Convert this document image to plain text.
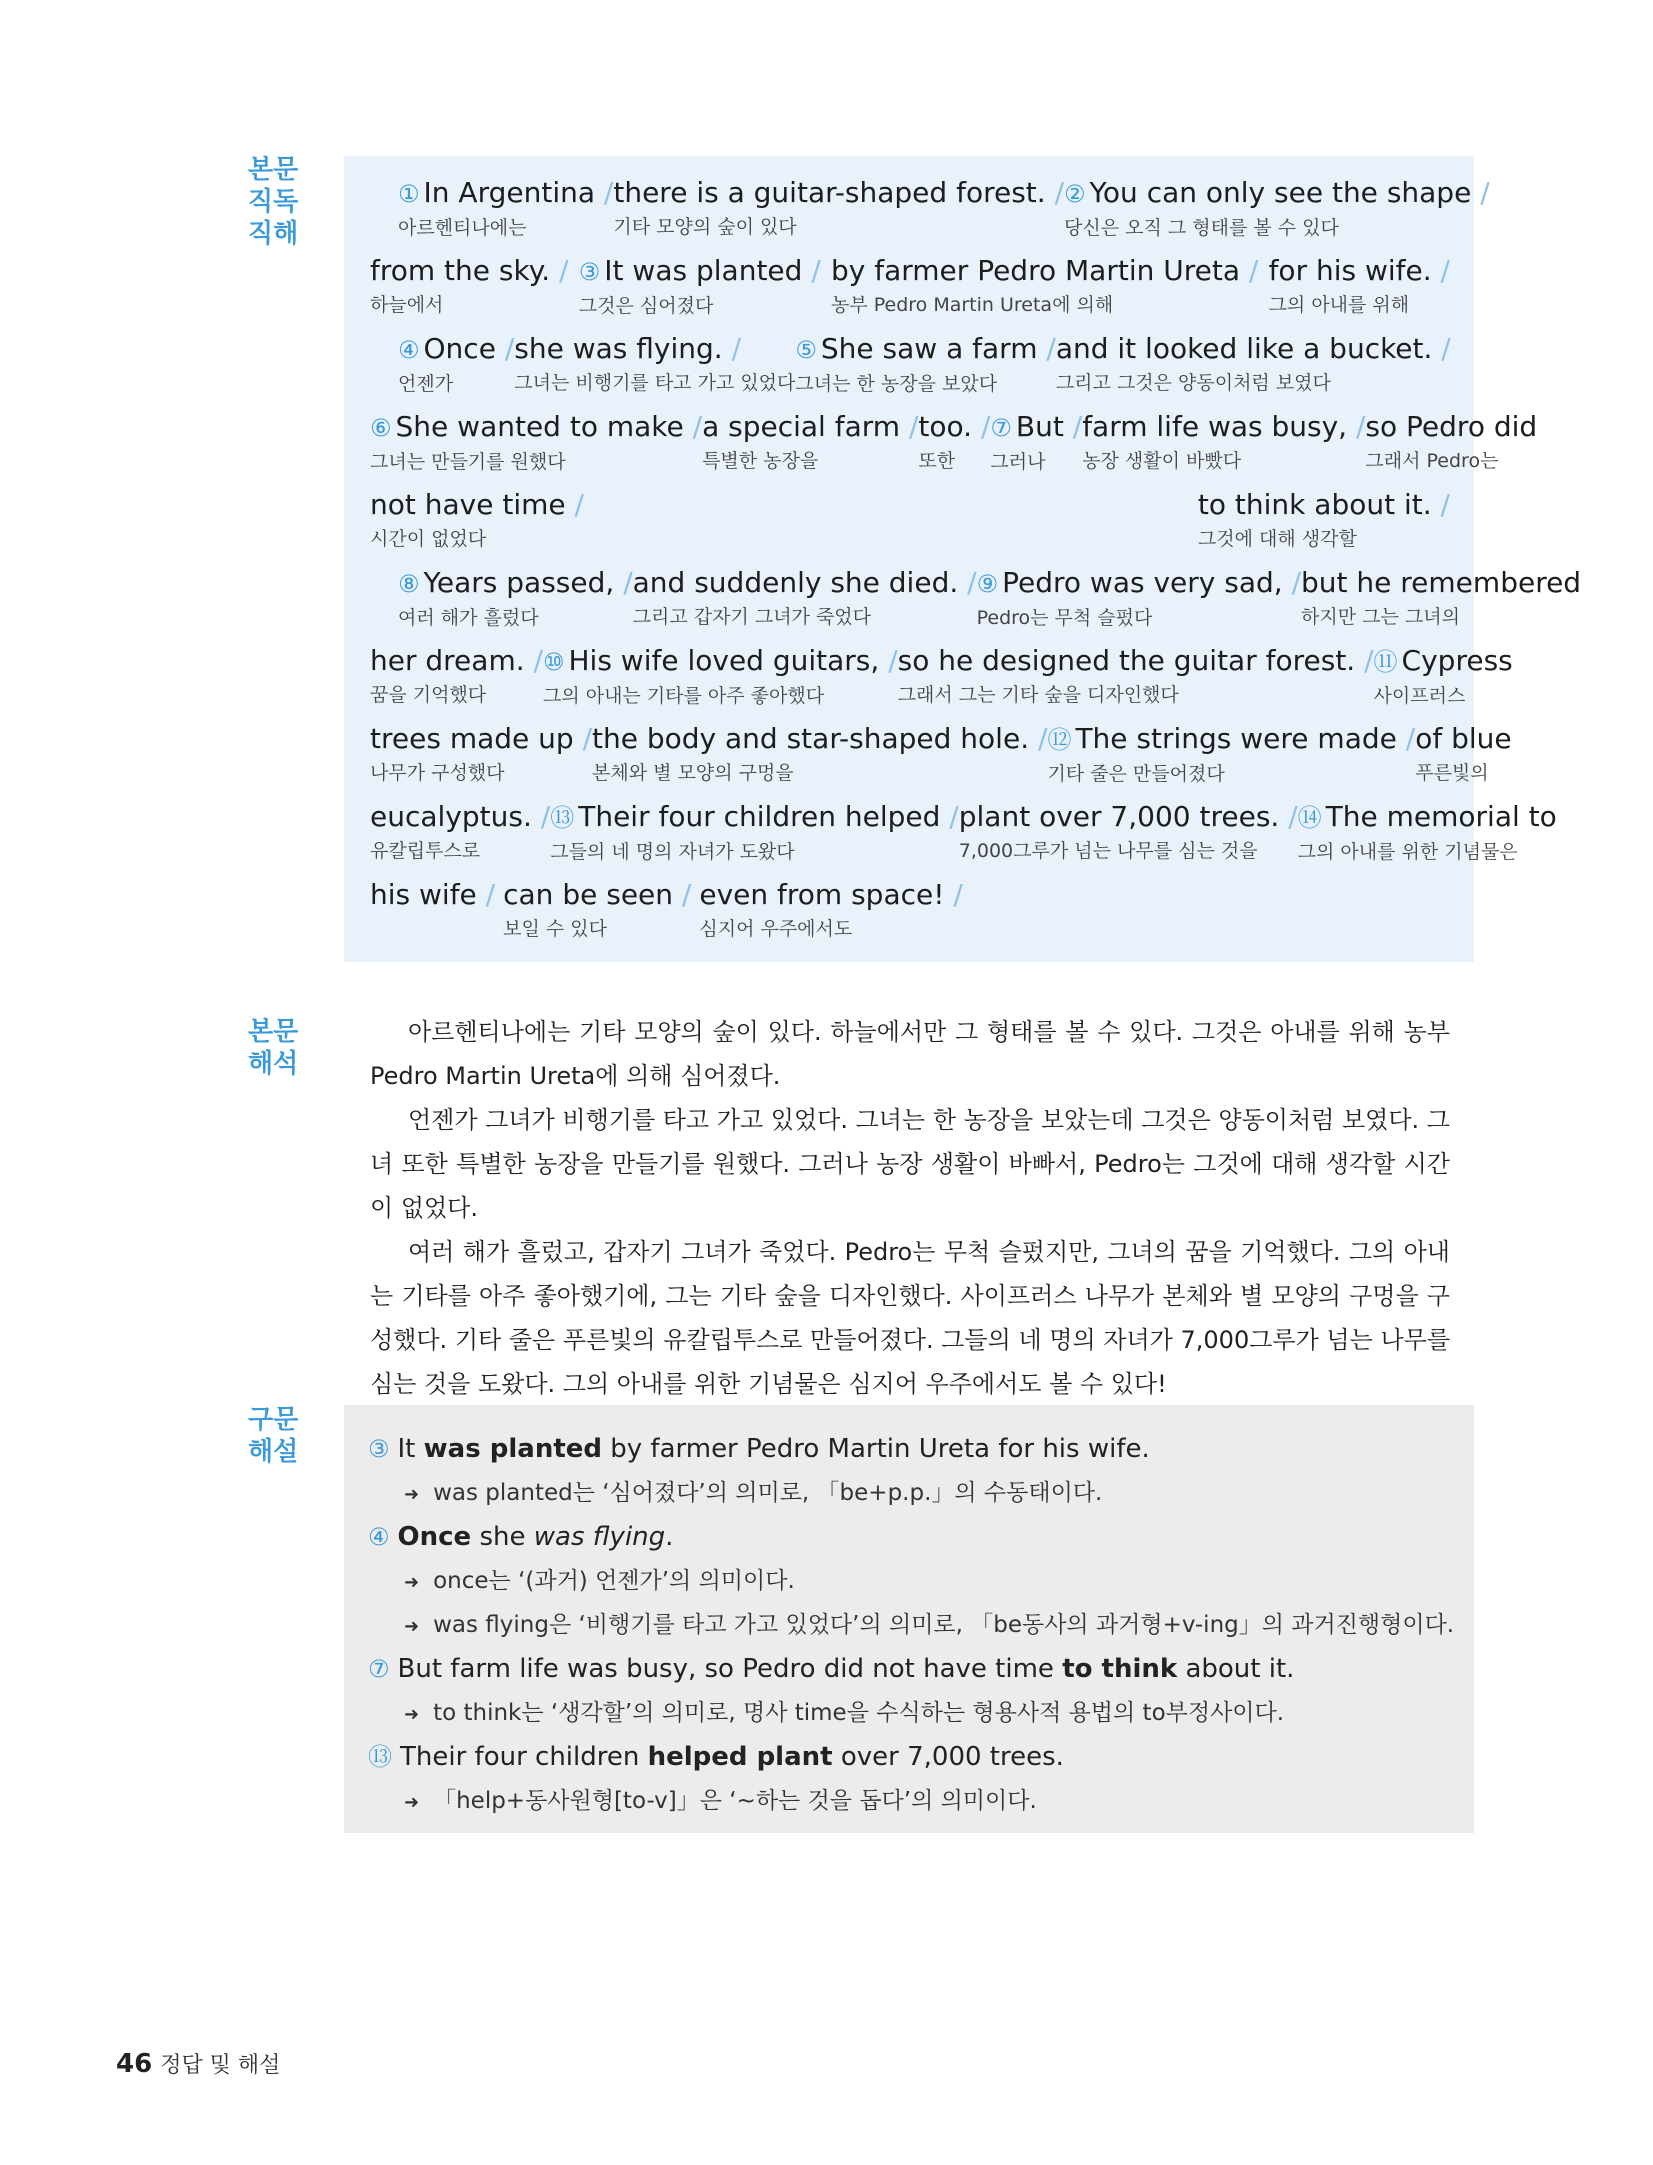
본문
직독
직해
본문
해석
구문
해설
① In Argentina /
아르헨티나에는
there is a guitar-shaped forest. /
기타 모양의 숲이 있다
② You can only see the shape /
당신은 오직 그 형태를 볼 수 있다
from the sky. /
하늘에서
③ It was planted /
그것은 심어졌다
by farmer Pedro Martin Ureta /
농부 Pedro Martin Ureta에 의해
for his wife. /
그의 아내를 위해
④ Once /
언젠가
she was flying. /
그녀는 비행기를 타고 가고 있었다
⑤ She saw a farm /
그녀는 한 농장을 보았다
and it looked like a bucket. /
그리고 그것은 양동이처럼 보였다
⑥ She wanted to make /
그녀는 만들기를 원했다
a special farm /
특별한 농장을
too. /
또한
⑦ But /
그러나
farm life was busy, /
농장 생활이 바빴다
so Pedro did
그래서 Pedro는
not have time /
시간이 없었다
to think about it. /
그것에 대해 생각할
⑧ Years passed, /
여러 해가 흘렀다
and suddenly she died. /
그리고 갑자기 그녀가 죽었다
⑨ Pedro was very sad, /
Pedro는 무척 슬펐다
but he remembered
하지만 그는 그녀의
her dream. /
꿈을 기억했다
⑩ His wife loved guitars, /
그의 아내는 기타를 아주 좋아했다
so he designed the guitar forest. /
그래서 그는 기타 숲을 디자인했다
⑪ Cypress
사이프러스
trees made up /
나무가 구성했다
the body and star-shaped hole. /
본체와 별 모양의 구멍을
⑫ The strings were made /
기타 줄은 만들어졌다
of blue
푸른빛의
eucalyptus. /
유칼립투스로
⑬ Their four children helped /
그들의 네 명의 자녀가 도왔다
plant over 7,000 trees. /
7,000그루가 넘는 나무를 심는 것을
⑭ The memorial to
그의 아내를 위한 기념물은
his wife / can be seen /
보일 수 있다
even from space! /
심지어 우주에서도

아르헨티나에는 기타 모양의 숲이 있다. 하늘에서만 그 형태를 볼 수 있다. 그것은 아내를 위해 농부 Pedro Martin Ureta에 의해 심어졌다.

언젠가 그녀가 비행기를 타고 가고 있었다. 그녀는 한 농장을 보았는데 그것은 양동이처럼 보였다. 그녀 또한 특별한 농장을 만들기를 원했다. 그러나 농장 생활이 바빠서, Pedro는 그것에 대해 생각할 시간이 없었다.

여러 해가 흘렀고, 갑자기 그녀가 죽었다. Pedro는 무척 슬펐지만, 그녀의 꿈을 기억했다. 그의 아내는 기타를 아주 좋아했기에, 그는 기타 숲을 디자인했다. 사이프러스 나무가 본체와 별 모양의 구멍을 구성했다. 기타 줄은 푸른빛의 유칼립투스로 만들어졌다. 그들의 네 명의 자녀가 7,000그루가 넘는 나무를 심는 것을 도왔다. 그의 아내를 위한 기념물은 심지어 우주에서도 볼 수 있다!

③ It was planted by farmer Pedro Martin Ureta for his wife.
➜ was planted는 ‘심어졌다’의 의미로, 「be+p.p.」의 수동태이다.
④ Once she was flying.
➜ once는 ‘(과거) 언젠가’의 의미이다.
➜ was flying은 ‘비행기를 타고 가고 있었다’의 의미로, 「be동사의 과거형+v-ing」의 과거진행형이다.
⑦ But farm life was busy, so Pedro did not have time to think about it.
➜ to think는 ‘생각할’의 의미로, 명사 time을 수식하는 형용사적 용법의 to부정사이다.
⑬ Their four children helped plant over 7,000 trees.
➜ 「help+동사원형[to-v]」은 ‘~하는 것을 돕다’의 의미이다.
46 정답 및 해설
